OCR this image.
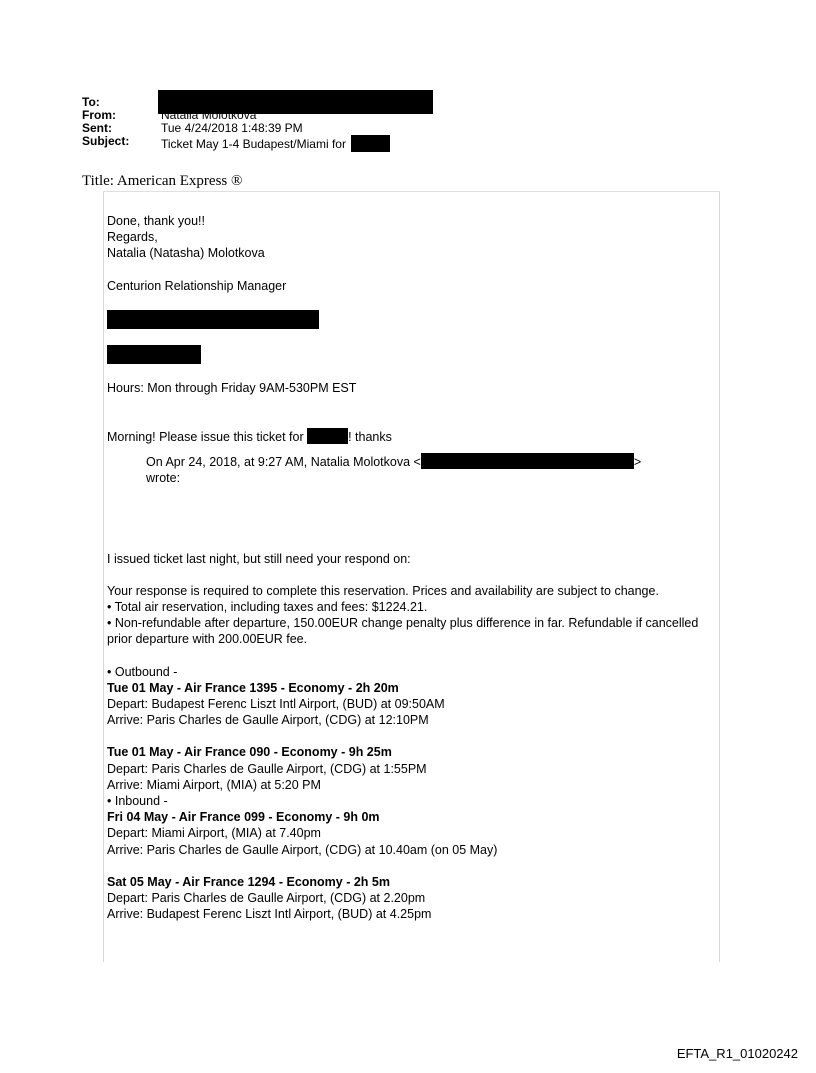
To:
From:	Natalia Molotkova
Sent:	Tue 4/24/2018 1:48:39 PM
Subject:	Ticket May 1-4 Budapest/Miami for
Title: American Express ®

Done, thank you!!

Regards,

Natalia (Natasha) Molotkova

Centurion Relationship Manager

Hours: Mon through Friday 9AM-530PM EST

Morning! Please issue this ticket for	! thanks

On Apr 24, 2018, at 9:27 AM, Natalia Molotkova <	>

wrote:

I issued ticket last night, but still need your respond on:

Your response is required to complete this reservation. Prices and availability are subject to change.

• Total air reservation, including taxes and fees: $1224.21.

• Non-refundable after departure, 150.00EUR change penalty plus difference in far. Refundable if cancelled prior departure with 200.00EUR fee.

• Outbound -

Tue 01 May - Air France 1395 - Economy - 2h 20m

Depart: Budapest Ferenc Liszt Intl Airport, (BUD) at 09:50AM

Arrive: Paris Charles de Gaulle Airport, (CDG) at 12:10PM

Tue 01 May - Air France 090 - Economy - 9h 25m

Depart: Paris Charles de Gaulle Airport, (CDG) at 1:55PM

Arrive: Miami Airport, (MIA) at 5:20 PM

• Inbound -

Fri 04 May - Air France 099 - Economy - 9h 0m

Depart: Miami Airport, (MIA) at 7.40pm

Arrive: Paris Charles de Gaulle Airport, (CDG) at 10.40am (on 05 May)

Sat 05 May - Air France 1294 - Economy - 2h 5m

Depart: Paris Charles de Gaulle Airport, (CDG) at 2.20pm

Arrive: Budapest Ferenc Liszt Intl Airport, (BUD) at 4.25pm

EFTA_R1_01020242
